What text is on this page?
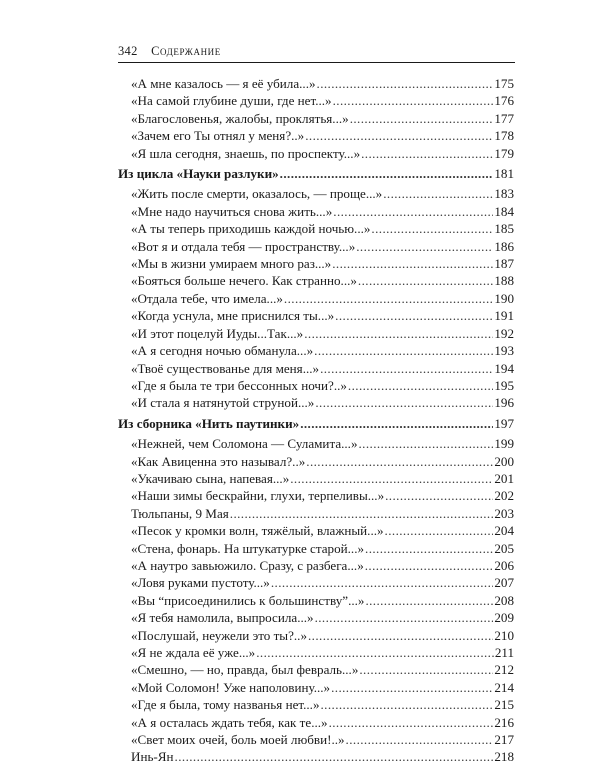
342 Содержание
«А мне казалось — я её убила...» .....	175
«На самой глубине души, где нет...» .....	176
«Благословенья, жалобы, проклятья...» .....	177
«Зачем его Ты отнял у меня?..» .....	178
«Я шла сегодня, знаешь, по проспекту...» .....	179
Из цикла «Науки разлуки» .....	181
«Жить после смерти, оказалось, — проще...» .....	183
«Мне надо научиться снова жить...» .....	184
«А ты теперь приходишь каждой ночью...» .....	185
«Вот я и отдала тебя — пространству...» .....	186
«Мы в жизни умираем много раз...» .....	187
«Бояться больше нечего. Как странно...» .....	188
«Отдала тебе, что имела...» .....	190
«Когда уснула, мне приснился ты...» .....	191
«И этот поцелуй Иуды...Так...» .....	192
«А я сегодня ночью обманула...» .....	193
«Твоё существованье для меня...» .....	194
«Где я была те три бессонных ночи?..» .....	195
«И стала я натянутой струной...» .....	196
Из сборника «Нить паутинки» .....	197
«Нежней, чем Соломона — Суламита...» .....	199
«Как Авиценна это называл?..» .....	200
«Укачиваю сына, напевая...» .....	201
«Наши зимы бескрайни, глухи, терпеливы...» .....	202
Тюльпаны, 9 Мая .....	203
«Песок у кромки волн, тяжёлый, влажный...» .....	204
«Стена, фонарь. На штукатурке старой...» .....	205
«А наутро завьюжило. Сразу, с разбега...» .....	206
«Ловя руками пустоту...» .....	207
«Вы “присоединились к большинству”...» .....	208
«Я тебя намолила, выпросила...» .....	209
«Послушай, неужели это ты?..» .....	210
«Я не ждала её уже...» .....	211
«Смешно, — но, правда, был февраль...» .....	212
«Мой Соломон! Уже наполовину...» .....	214
«Где я была, тому названья нет...» .....	215
«А я осталась ждать тебя, как те...» .....	216
«Свет моих очей, боль моей любви!..» .....	217
Инь-Ян .....	218
